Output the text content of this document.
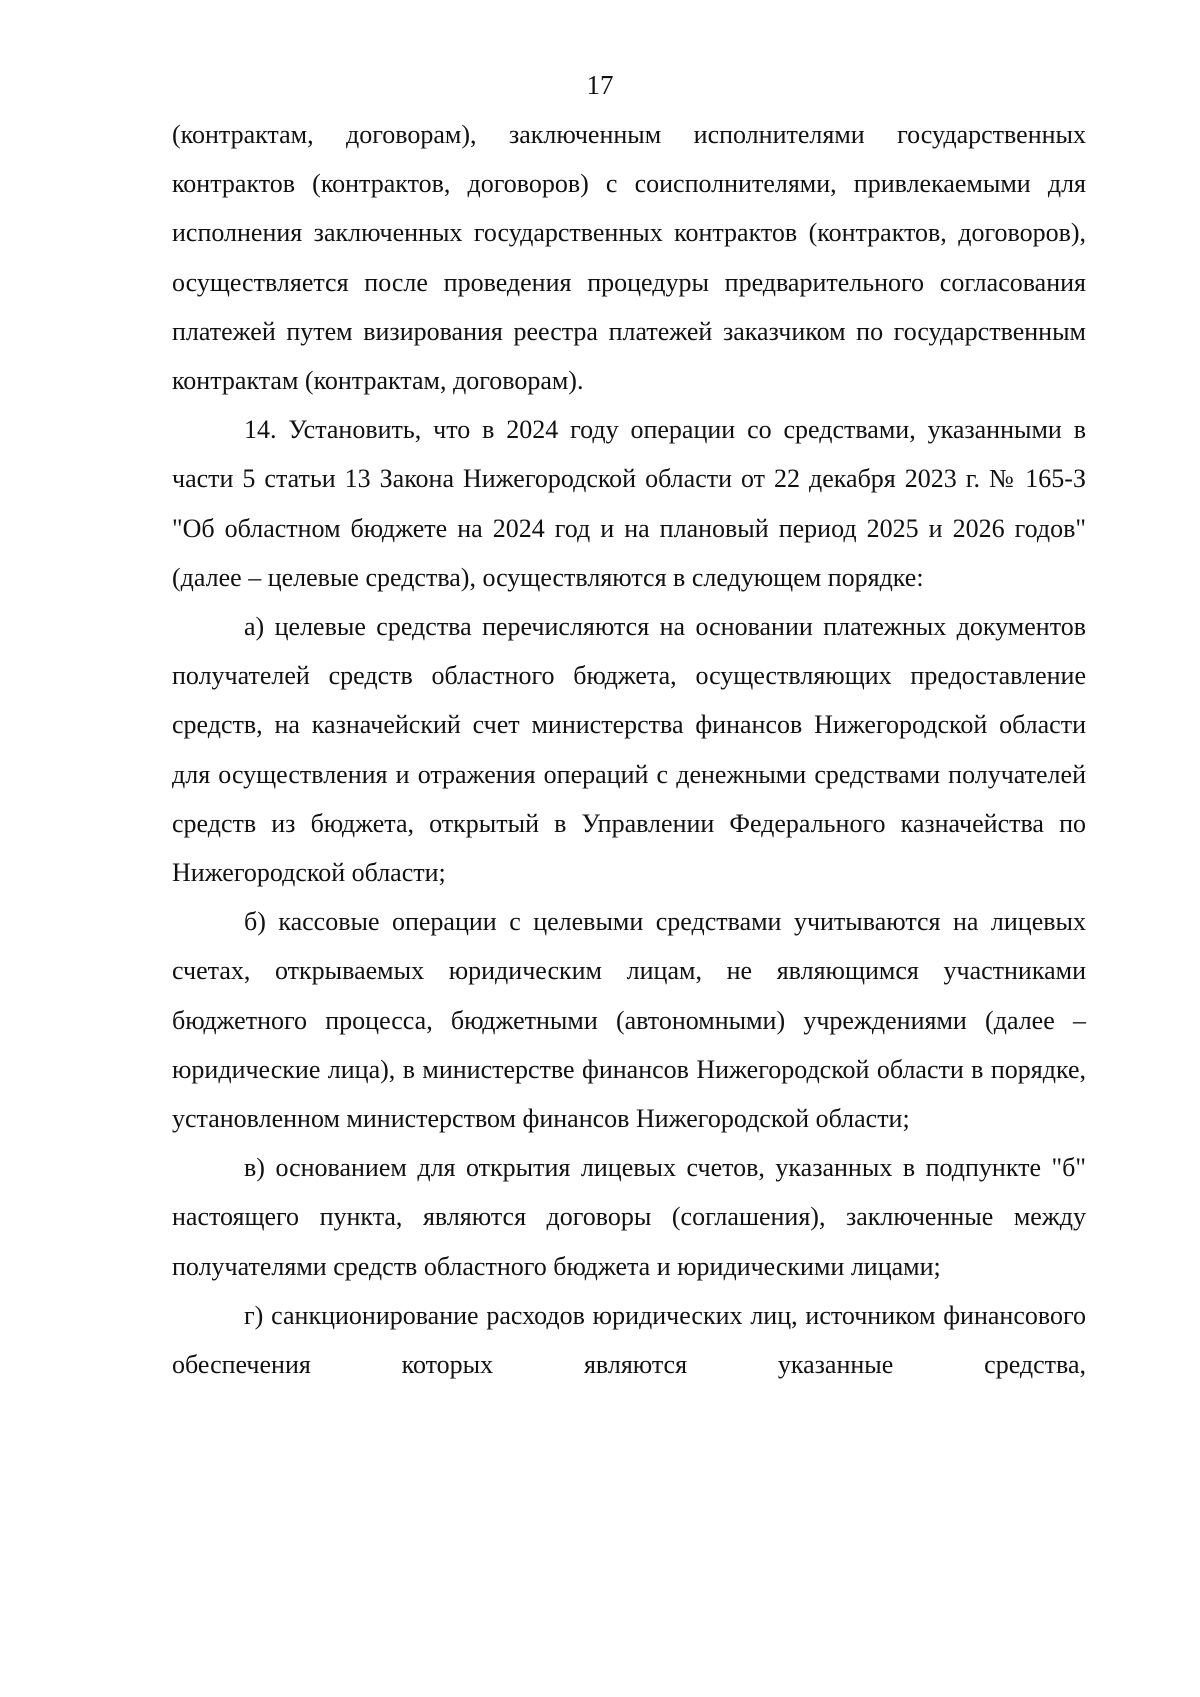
17

(контрактам, договорам), заключенным исполнителями государственных контрактов (контрактов, договоров) с соисполнителями, привлекаемыми для исполнения заключенных государственных контрактов (контрактов, договоров), осуществляется после проведения процедуры предварительного согласования платежей путем визирования реестра платежей заказчиком по государственным контрактам (контрактам, договорам).

14. Установить, что в 2024 году операции со средствами, указанными в части 5 статьи 13 Закона Нижегородской области от 22 декабря 2023 г. № 165-З "Об областном бюджете на 2024 год и на плановый период 2025 и 2026 годов" (далее – целевые средства), осуществляются в следующем порядке:

а) целевые средства перечисляются на основании платежных документов получателей средств областного бюджета, осуществляющих предоставление средств, на казначейский счет министерства финансов Нижегородской области для осуществления и отражения операций с денежными средствами получателей средств из бюджета, открытый в Управлении Федерального казначейства по Нижегородской области;

б) кассовые операции с целевыми средствами учитываются на лицевых счетах, открываемых юридическим лицам, не являющимся участниками бюджетного процесса, бюджетными (автономными) учреждениями (далее – юридические лица), в министерстве финансов Нижегородской области в порядке, установленном министерством финансов Нижегородской области;

в) основанием для открытия лицевых счетов, указанных в подпункте "б" настоящего пункта, являются договоры (соглашения), заключенные между получателями средств областного бюджета и юридическими лицами;

г) санкционирование расходов юридических лиц, источником финансового обеспечения которых являются указанные средства,
